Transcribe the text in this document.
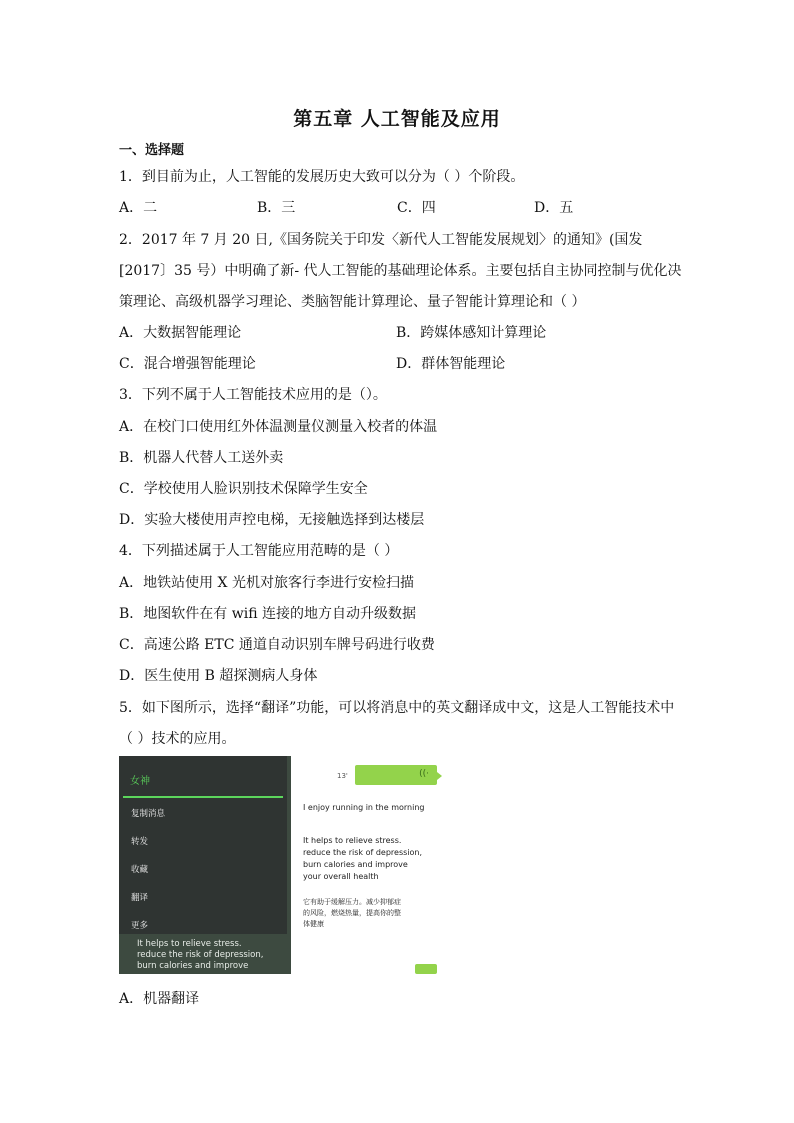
第五章 人工智能及应用
一、选择题
1．到目前为止，人工智能的发展历史大致可以分为（ ）个阶段。
A．二	B．三	C．四	D．五
2．2017 年 7 月 20 日,《国务院关于印发〈新代人工智能发展规划〉的通知》(国发
[2017〕35 号）中明确了新- 代人工智能的基础理论体系。主要包括自主协同控制与优化决
策理论、高级机器学习理论、类脑智能计算理论、量子智能计算理论和（ ）
A．大数据智能理论	B．跨媒体感知计算理论
C．混合增强智能理论	D．群体智能理论
3．下列不属于人工智能技术应用的是（）。
A．在校门口使用红外体温测量仪测量入校者的体温
B．机器人代替人工送外卖
C．学校使用人脸识别技术保障学生安全
D．实验大楼使用声控电梯，无接触选择到达楼层
4．下列描述属于人工智能应用范畴的是（ ）
A．地铁站使用 X 光机对旅客行李进行安检扫描
B．地图软件在有 wifi 连接的地方自动升级数据
C．高速公路 ETC 通道自动识别车牌号码进行收费
D．医生使用 B 超探测病人身体
5．如下图所示，选择“翻译”功能，可以将消息中的英文翻译成中文，这是人工智能技术中
（ ）技术的应用。
It helps to relieve stress.
reduce the risk of depression,
burn calories and improve
女神
复制消息
转发
收藏
翻译
更多
13'	((·
I enjoy running in the morning
It helps to relieve stress.
reduce the risk of depression,
burn calories and improve
your overall health
它有助于缓解压力。减少抑郁症
的风险，燃烧热量，提高你的整
体健康
A．机器翻译
